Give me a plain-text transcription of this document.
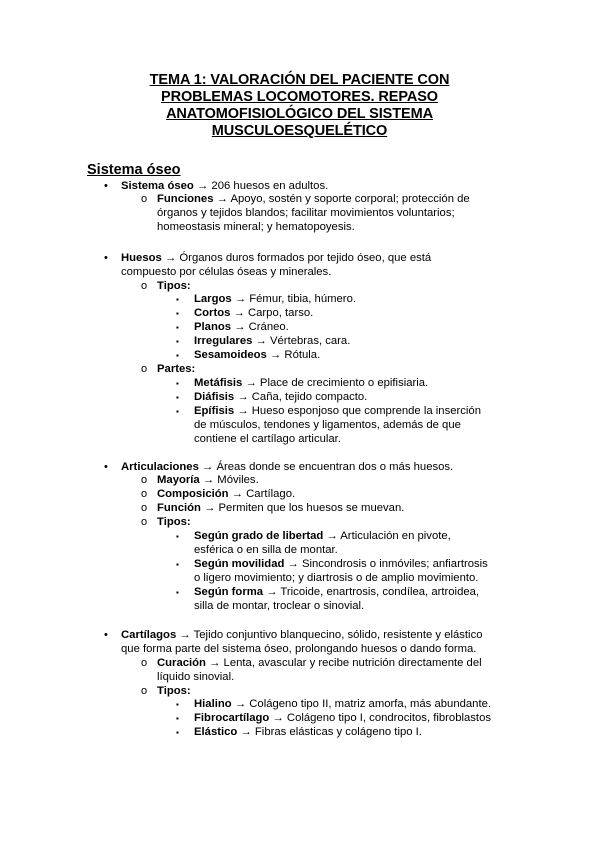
TEMA 1: VALORACIÓN DEL PACIENTE CON
PROBLEMAS LOCOMOTORES. REPASO
ANATOMOFISIOLÓGICO DEL SISTEMA
MUSCULOESQUELÉTICO
Sistema óseo
• Sistema óseo → 206 huesos en adultos.
o Funciones → Apoyo, sostén y soporte corporal; protección de
órganos y tejidos blandos; facilitar movimientos voluntarios;
homeostasis mineral; y hematopoyesis.
• Huesos → Órganos duros formados por tejido óseo, que está
compuesto por células óseas y minerales.
o Tipos:
▪ Largos → Fémur, tibia, húmero.
▪ Cortos → Carpo, tarso.
▪ Planos → Cráneo.
▪ Irregulares → Vértebras, cara.
▪ Sesamoideos → Rótula.
o Partes:
▪ Metáfisis → Place de crecimiento o epifisiaria.
▪ Diáfisis → Caña, tejido compacto.
▪ Epífisis → Hueso esponjoso que comprende la inserción
de músculos, tendones y ligamentos, además de que
contiene el cartílago articular.
• Articulaciones → Áreas donde se encuentran dos o más huesos.
o Mayoría → Móviles.
o Composición → Cartílago.
o Función → Permiten que los huesos se muevan.
o Tipos:
▪ Según grado de libertad → Articulación en pivote,
esférica o en silla de montar.
▪ Según movilidad → Sincondrosis o inmóviles; anfiartrosis
o ligero movimiento; y diartrosis o de amplio movimiento.
▪ Según forma → Tricoide, enartrosis, condílea, artroidea,
silla de montar, troclear o sinovial.
• Cartílagos → Tejido conjuntivo blanquecino, sólido, resistente y elástico
que forma parte del sistema óseo, prolongando huesos o dando forma.
o Curación → Lenta, avascular y recibe nutrición directamente del
líquido sinovial.
o Tipos:
▪ Hialino → Colágeno tipo II, matriz amorfa, más abundante.
▪ Fibrocartílago → Colágeno tipo I, condrocitos, fibroblastos
▪ Elástico → Fibras elásticas y colágeno tipo I.
